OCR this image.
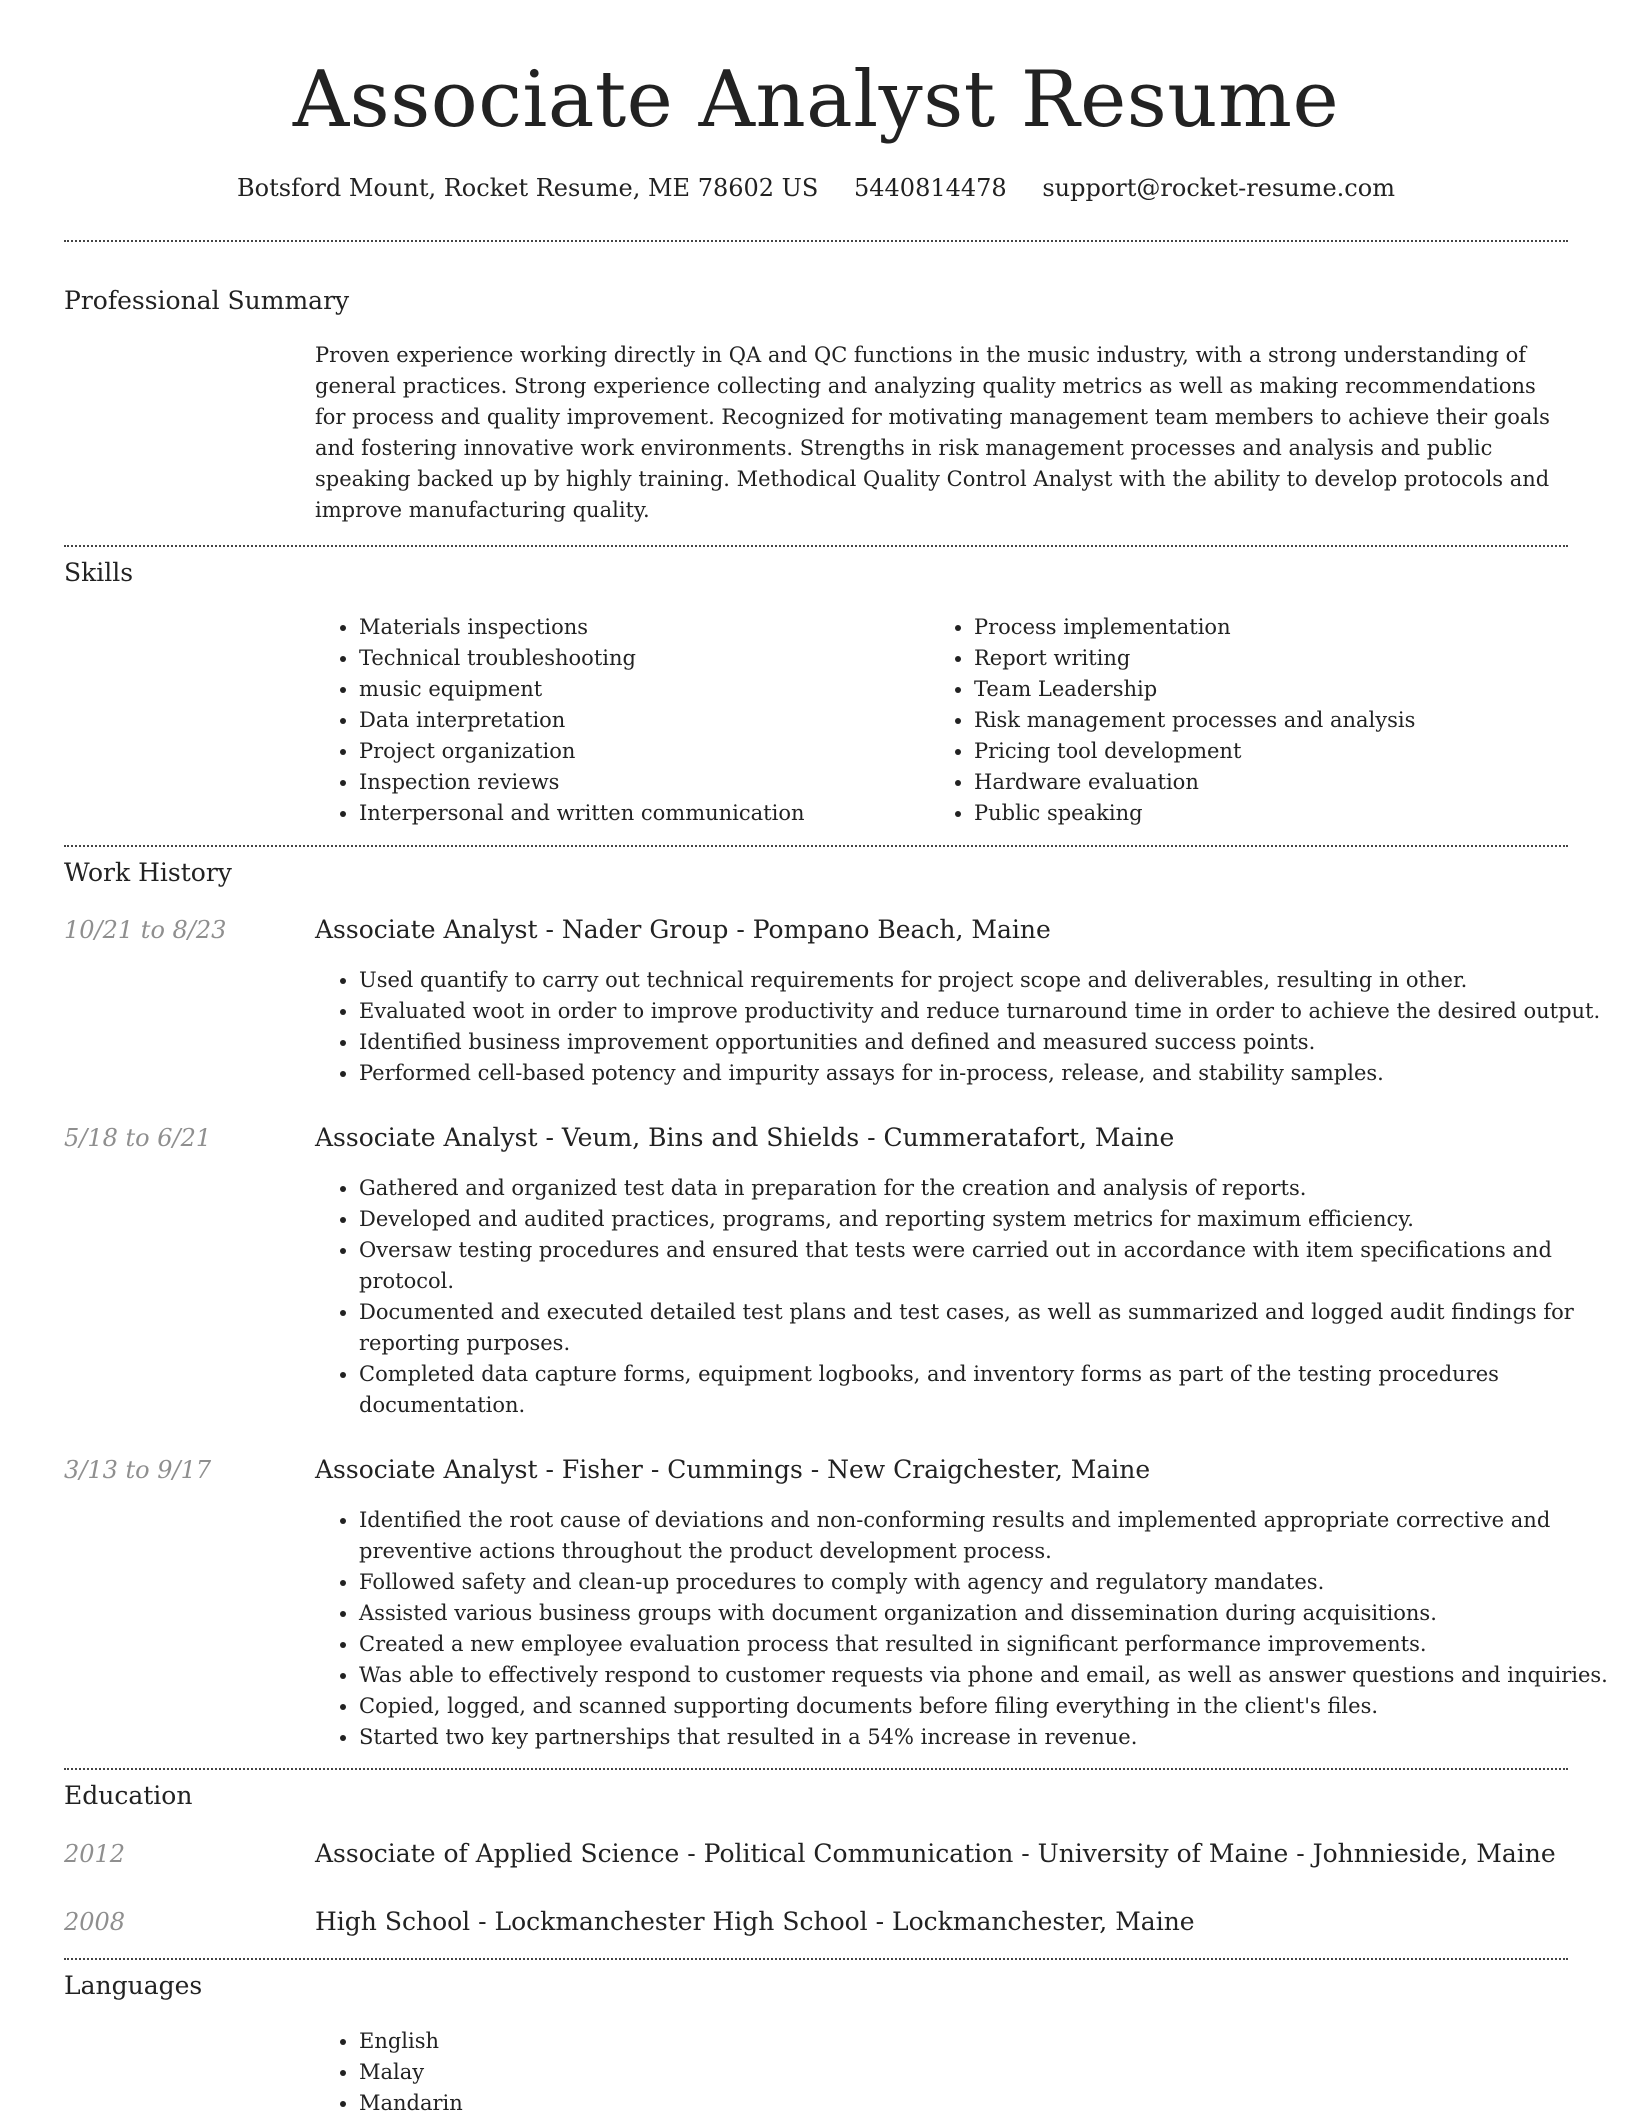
Associate Analyst Resume
Botsford Mount, Rocket Resume, ME 78602 US 5440814478 support@rocket-resume.com
Professional Summary

Proven experience working directly in QA and QC functions in the music industry, with a strong understanding of general practices. Strong experience collecting and analyzing quality metrics as well as making recommendations for process and quality improvement. Recognized for motivating management team members to achieve their goals and fostering innovative work environments. Strengths in risk management processes and analysis and public speaking backed up by highly training. Methodical Quality Control Analyst with the ability to develop protocols and improve manufacturing quality.

Skills
• Materials inspections
• Technical troubleshooting
• music equipment
• Data interpretation
• Project organization
• Inspection reviews
• Interpersonal and written communication
• Process implementation
• Report writing
• Team Leadership
• Risk management processes and analysis
• Pricing tool development
• Hardware evaluation
• Public speaking
Work History
10/21 to 8/23	Associate Analyst - Nader Group - Pompano Beach, Maine
• Used quantify to carry out technical requirements for project scope and deliverables, resulting in other.
• Evaluated woot in order to improve productivity and reduce turnaround time in order to achieve the desired output.
• Identified business improvement opportunities and defined and measured success points.
• Performed cell-based potency and impurity assays for in-process, release, and stability samples.
5/18 to 6/21	Associate Analyst - Veum, Bins and Shields - Cummeratafort, Maine
• Gathered and organized test data in preparation for the creation and analysis of reports.
• Developed and audited practices, programs, and reporting system metrics for maximum efficiency.
• Oversaw testing procedures and ensured that tests were carried out in accordance with item specifications and protocol.
• Documented and executed detailed test plans and test cases, as well as summarized and logged audit findings for reporting purposes.
• Completed data capture forms, equipment logbooks, and inventory forms as part of the testing procedures documentation.
3/13 to 9/17	Associate Analyst - Fisher - Cummings - New Craigchester, Maine
• Identified the root cause of deviations and non-conforming results and implemented appropriate corrective and preventive actions throughout the product development process.
• Followed safety and clean-up procedures to comply with agency and regulatory mandates.
• Assisted various business groups with document organization and dissemination during acquisitions.
• Created a new employee evaluation process that resulted in significant performance improvements.
• Was able to effectively respond to customer requests via phone and email, as well as answer questions and inquiries.
• Copied, logged, and scanned supporting documents before filing everything in the client's files.
• Started two key partnerships that resulted in a 54% increase in revenue.
Education
2012	Associate of Applied Science - Political Communication - University of Maine - Johnnieside, Maine
2008	High School - Lockmanchester High School - Lockmanchester, Maine
Languages
• English
• Malay
• Mandarin
